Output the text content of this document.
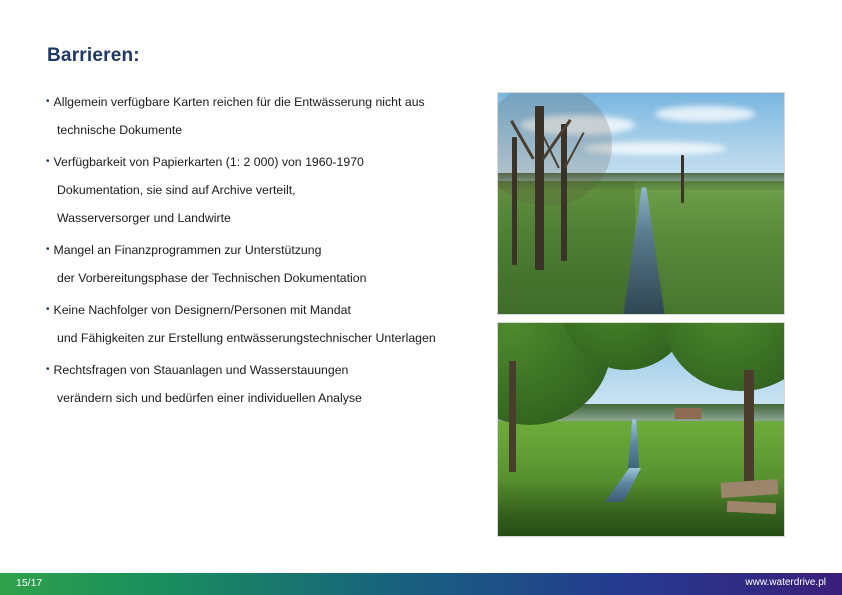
Barrieren:
• Allgemein verfügbare Karten reichen für die Entwässerung nicht aus
technische Dokumente
• Verfügbarkeit von Papierkarten (1: 2 000) von 1960-1970
Dokumentation, sie sind auf Archive verteilt,
Wasserversorger und Landwirte
• Mangel an Finanzprogrammen zur Unterstützung
der Vorbereitungsphase der Technischen Dokumentation
• Keine Nachfolger von Designern/Personen mit Mandat
und Fähigkeiten zur Erstellung entwässerungstechnischer Unterlagen
• Rechtsfragen von Stauanlagen und Wasserstauungen
verändern sich und bedürfen einer individuellen Analyse
15/17	www.waterdrive.pl
